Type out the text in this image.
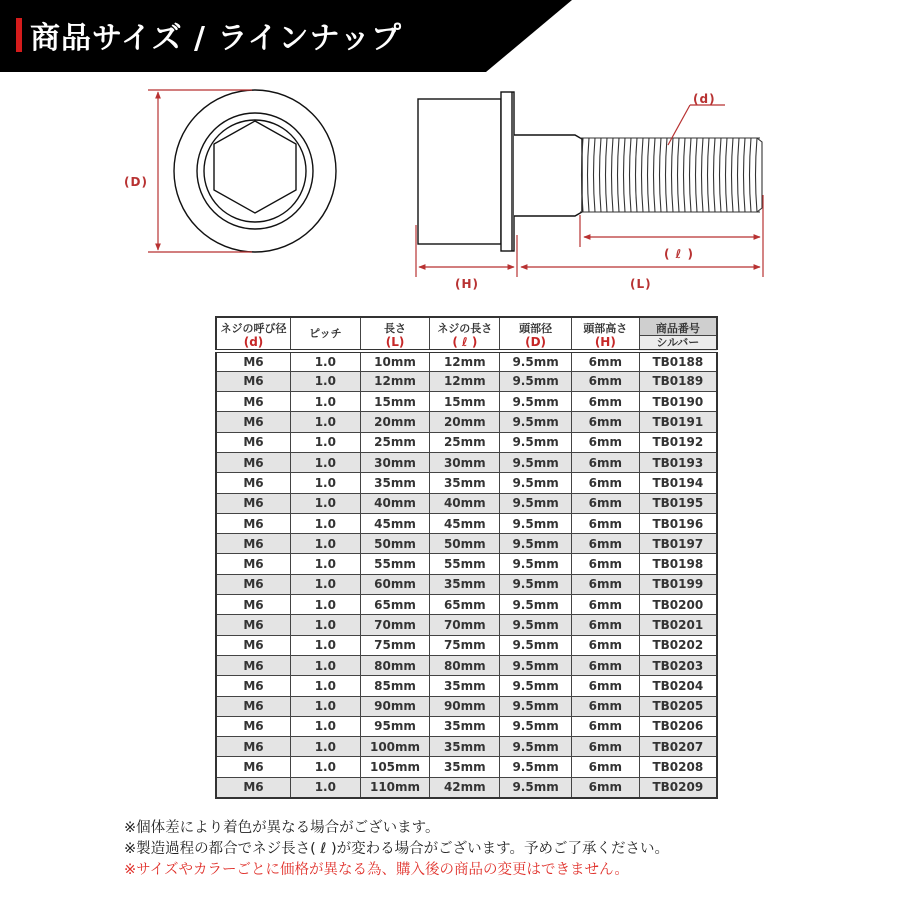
商品サイズ / ラインナップ
(D)
(d)
( ℓ )
(H)	(L)
ネジの呼び径	ピッチ	長さ	ネジの長さ	頭部径	頭部高さ	商品番号
(d)		(L)	( ℓ )	(D)	(H)	シルバー
M6	1.0	10mm	12mm	9.5mm	6mm	TB0188
M6	1.0	12mm	12mm	9.5mm	6mm	TB0189
M6	1.0	15mm	15mm	9.5mm	6mm	TB0190
M6	1.0	20mm	20mm	9.5mm	6mm	TB0191
M6	1.0	25mm	25mm	9.5mm	6mm	TB0192
M6	1.0	30mm	30mm	9.5mm	6mm	TB0193
M6	1.0	35mm	35mm	9.5mm	6mm	TB0194
M6	1.0	40mm	40mm	9.5mm	6mm	TB0195
M6	1.0	45mm	45mm	9.5mm	6mm	TB0196
M6	1.0	50mm	50mm	9.5mm	6mm	TB0197
M6	1.0	55mm	55mm	9.5mm	6mm	TB0198
M6	1.0	60mm	35mm	9.5mm	6mm	TB0199
M6	1.0	65mm	65mm	9.5mm	6mm	TB0200
M6	1.0	70mm	70mm	9.5mm	6mm	TB0201
M6	1.0	75mm	75mm	9.5mm	6mm	TB0202
M6	1.0	80mm	80mm	9.5mm	6mm	TB0203
M6	1.0	85mm	35mm	9.5mm	6mm	TB0204
M6	1.0	90mm	90mm	9.5mm	6mm	TB0205
M6	1.0	95mm	35mm	9.5mm	6mm	TB0206
M6	1.0	100mm	35mm	9.5mm	6mm	TB0207
M6	1.0	105mm	35mm	9.5mm	6mm	TB0208
M6	1.0	110mm	42mm	9.5mm	6mm	TB0209
※個体差により着色が異なる場合がございます。
※製造過程の都合でネジ長さ( ℓ )が変わる場合がございます。予めご了承ください。
※サイズやカラーごとに価格が異なる為、購入後の商品の変更はできません。
